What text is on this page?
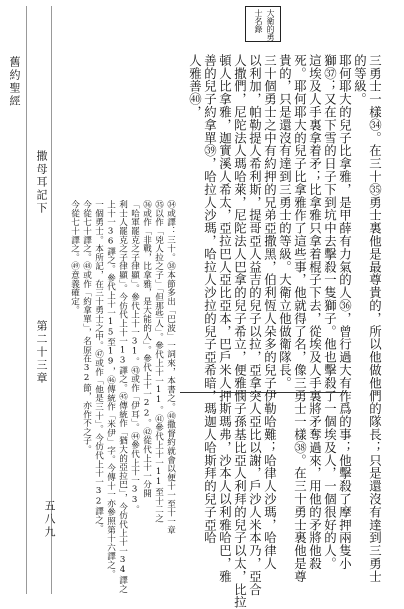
大衛的勇
士名錄
三勇士一樣㉞。在三十㉟勇士裏他是最尊貴的，所以他做他們的隊長；只是還沒有達到三勇士
的等級。
耶何耶大的兒子比拿雅，是甲薛有力氣的人㊱，曾行過大有作爲的事；他擊殺了摩押兩隻小
獅㊲；又在下雪的日子下到坑中去擊殺一隻獅子。他也擊殺了一個埃及人，一個很好的人。
這埃及人手裏拿着矛；比拿雅只拿着棍子下去，從埃及人手裏將矛奪過來，用他的矛將他殺
死。耶何耶大的兒子比拿雅作了這些事，他就得了名，像三勇士一樣㊳。在三十勇士裏他是尊
貴的，只是還沒有達到三勇士的等級。大衛立他做衛隊長。
三十個勇士之中有約押的兄弟亞撒黑，伯利恆人朵多的兒子伊勒哈難；哈律人沙瑪，哈律人
以利加，帕勒提人希利斯，提哥亞人益吉的兒子以拉，亞拿突人亞比以謝，戶沙人米本乃，亞合
人撒們，尼陀法人瑪哈萊，尼陀法人巴拿的兒子希立，便雅憫子孫基比亞人利拜的兒子以太，比拉
頓人比拿雅，迦實溪人希太，亞拉巴人亞比亞本，巴戶米人押斯瑪弗，沙本人以利雅哈巴，雅
善的兒子約拿單㊴，哈拉人沙瑪，哈拉人沙拉的兒子亞希暗，瑪迦人哈斯拜的兒子亞哈
人雅善㊵，
㉞或譯：三十。㊳本節多出「巴波」一詞來，本書之。㊵撒督約就會以便十一至十一章
㉟以作「兇人拉之子」「但那些人」。參代上十一11。㊶參代上十一11至十二之
㊱或作「非戰，比拿雅，是大能的人」。參代上十一22。㊷從代上十一分開
「哈軍罷克之子律顯」。參代上十一31。㊸或作「伊耳」。㊹參代上十一33。
利士人罷克之子律顯」。今仿代上十一13譯之。㊺傳統作「猶大的亞拉巴」，今仿代上十一34譯之
上十一36譯之。參代上十一15至19，㊻傳統作「米伊」字。今傳十一亦參照第十六譯之。
一個勇士。本所記，在三十勇士之中。㊼或作「他是三十」。今仿代上十一32譯之。
今從七十譯之。㊽或作「約拿單」，名原在32節，亦作不之子。
今從七十譯之。㊾意義確定。
舊約聖經
撒母耳記下
第二十三章
五八九
